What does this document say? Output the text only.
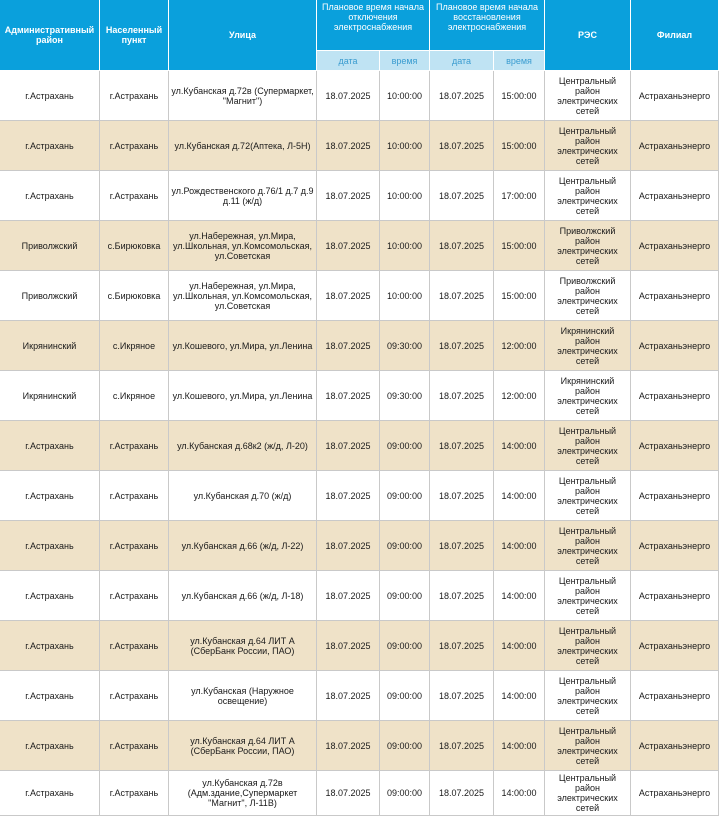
Административный район	Населенный пункт	Улица	Плановое время начала отключения электроснабжения		Плановое время начала восстановления электроснабжения		РЭС	Филиал
			дата	время	дата	время		
г.Астрахань	г.Астрахань	ул.Кубанская д.72в (Супермаркет, "Магнит")	18.07.2025	10:00:00	18.07.2025	15:00:00	Центральный район электрических сетей	Астраханьэнерго
г.Астрахань	г.Астрахань	ул.Кубанская д.72(Аптека, Л-5Н)	18.07.2025	10:00:00	18.07.2025	15:00:00	Центральный район электрических сетей	Астраханьэнерго
г.Астрахань	г.Астрахань	ул.Рождественского д.76/1 д.7 д.9 д.11 (ж/д)	18.07.2025	10:00:00	18.07.2025	17:00:00	Центральный район электрических сетей	Астраханьэнерго
Приволжский	с.Бирюковка	ул.Набережная, ул.Мира, ул.Школьная, ул.Комсомольская, ул.Советская	18.07.2025	10:00:00	18.07.2025	15:00:00	Приволжский район электрических сетей	Астраханьэнерго
Приволжский	с.Бирюковка	ул.Набережная, ул.Мира, ул.Школьная, ул.Комсомольская, ул.Советская	18.07.2025	10:00:00	18.07.2025	15:00:00	Приволжский район электрических сетей	Астраханьэнерго
Икрянинский	с.Икряное	ул.Кошевого, ул.Мира, ул.Ленина	18.07.2025	09:30:00	18.07.2025	12:00:00	Икрянинский район электрических сетей	Астраханьэнерго
Икрянинский	с.Икряное	ул.Кошевого, ул.Мира, ул.Ленина	18.07.2025	09:30:00	18.07.2025	12:00:00	Икрянинский район электрических сетей	Астраханьэнерго
г.Астрахань	г.Астрахань	ул.Кубанская д.68к2 (ж/д, Л-20)	18.07.2025	09:00:00	18.07.2025	14:00:00	Центральный район электрических сетей	Астраханьэнерго
г.Астрахань	г.Астрахань	ул.Кубанская д.70 (ж/д)	18.07.2025	09:00:00	18.07.2025	14:00:00	Центральный район электрических сетей	Астраханьэнерго
г.Астрахань	г.Астрахань	ул.Кубанская д.66 (ж/д, Л-22)	18.07.2025	09:00:00	18.07.2025	14:00:00	Центральный район электрических сетей	Астраханьэнерго
г.Астрахань	г.Астрахань	ул.Кубанская д.66 (ж/д, Л-18)	18.07.2025	09:00:00	18.07.2025	14:00:00	Центральный район электрических сетей	Астраханьэнерго
г.Астрахань	г.Астрахань	ул.Кубанская д.64 ЛИТ А (СберБанк России, ПАО)	18.07.2025	09:00:00	18.07.2025	14:00:00	Центральный район электрических сетей	Астраханьэнерго
г.Астрахань	г.Астрахань	ул.Кубанская (Наружное освещение)	18.07.2025	09:00:00	18.07.2025	14:00:00	Центральный район электрических сетей	Астраханьэнерго
г.Астрахань	г.Астрахань	ул.Кубанская д.64 ЛИТ А (СберБанк России, ПАО)	18.07.2025	09:00:00	18.07.2025	14:00:00	Центральный район электрических сетей	Астраханьэнерго
г.Астрахань	г.Астрахань	ул.Кубанская д.72в (Адм.здание,Супермаркет "Магнит", Л-11В)	18.07.2025	09:00:00	18.07.2025	14:00:00	Центральный район электрических сетей	Астраханьэнерго
